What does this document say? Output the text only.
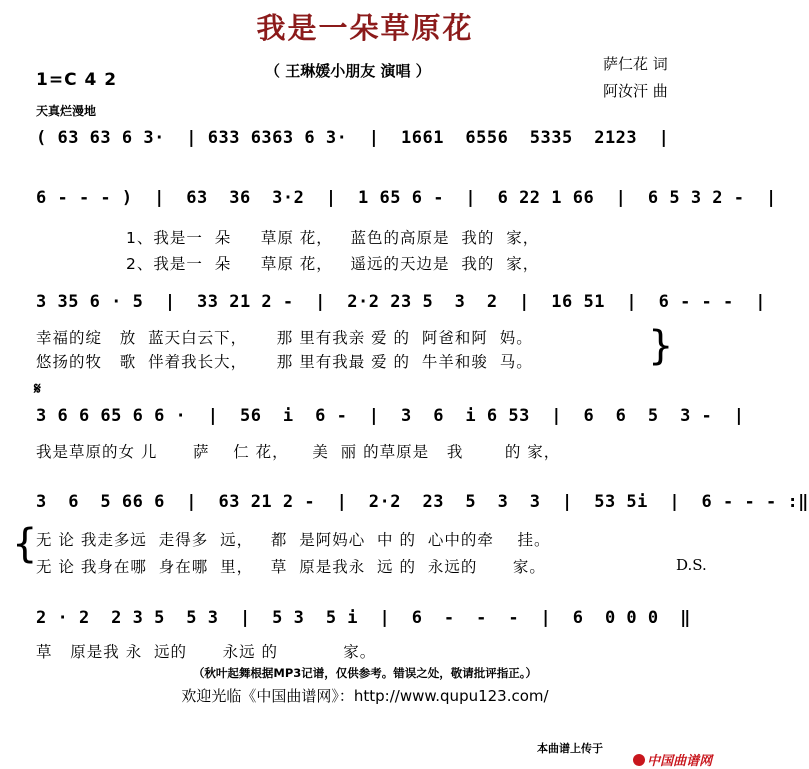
我是一朵草原花
（ 王琳媛小朋友 演唱 ）	萨仁花 词
阿汝汗 曲
1=C 4 2
天真烂漫地
( 63 63 6 3·  | 633 6363 6 3·  |  1661  6556  5335  2123  |
6 - - - )  |  63  36  3·2  |  1 65 6 -  |  6 22 1 66  |  6 5 3 2 -  |
1、我是一  朵     草原 花，   蓝色的高原是  我的  家，
2、我是一  朵     草原 花，   遥远的天边是  我的  家，
3 35 6 · 5  |  33 21 2 -  |  2·2 23 5  3  2  |  16 51  |  6 - - -  |
幸福的绽   放  蓝天白云下，     那 里有我亲 爱 的  阿爸和阿  妈。
悠扬的牧   歌  伴着我长大，     那 里有我最 爱 的  牛羊和骏  马。	}
𝄋
3 6 6 65 6 6 ·  |  56  i  6 -  |  3  6  i 6 53  |  6  6  5  3 -  |
我是草原的女 儿      萨    仁 花，    美  丽 的草原是   我       的 家，
3  6  5 66 6  |  63 21 2 -  |  2·2  23  5  3  3  |  53 5i  |  6 - - - :‖
{
无 论 我走多远  走得多  远，   都  是阿妈心  中 的  心中的牵    挂。
无 论 我身在哪  身在哪  里，   草  原是我永  远 的  永远的      家。	D.S.
2 · 2  2 3 5  5 3  |  5 3  5 i  |  6  -  -  -  |  6  0 0 0  ‖
草   原是我 永  远的      永远 的           家。
（秋叶起舞根据MP3记谱，仅供参考。错误之处，敬请批评指正。）
欢迎光临《中国曲谱网》：http://www.qupu123.com/
本曲谱上传于

中国曲谱网
